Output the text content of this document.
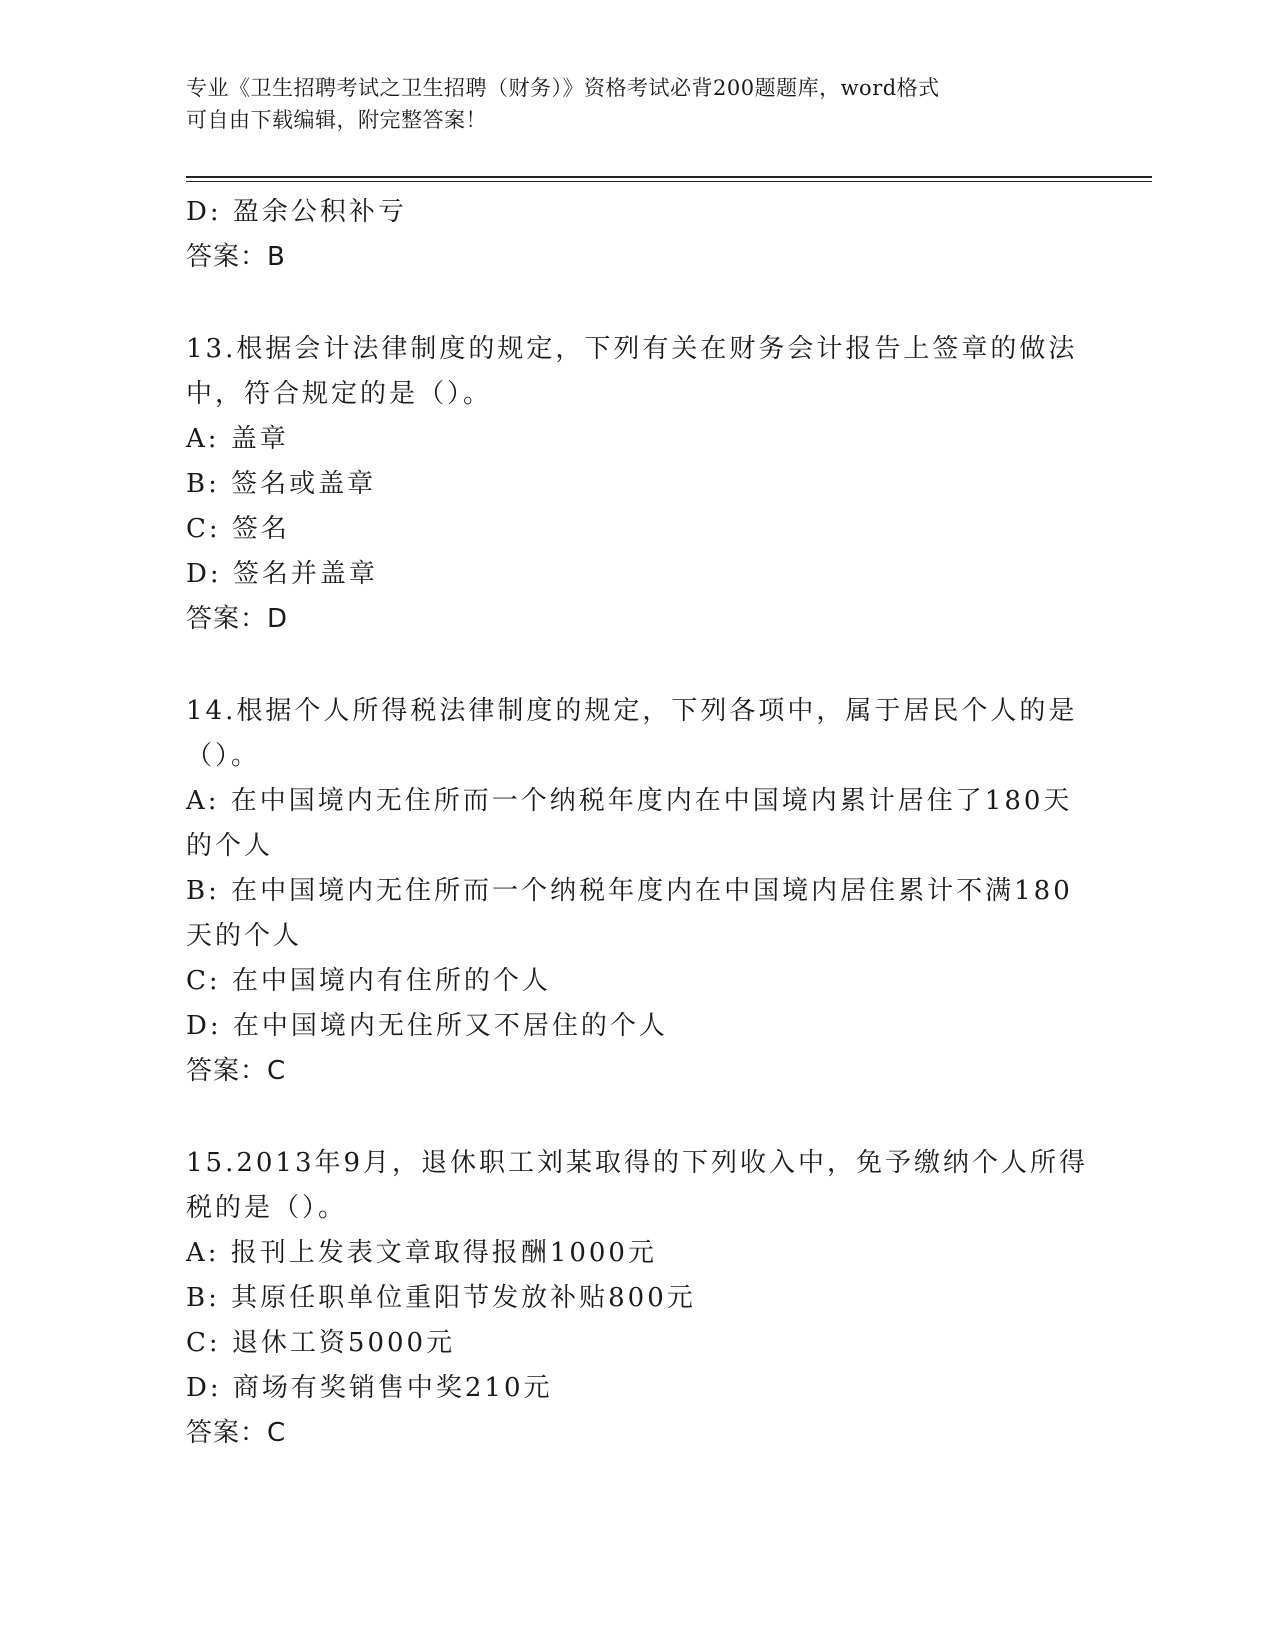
专业《卫生招聘考试之卫生招聘（财务）》资格考试必背200题题库，word格式
可自由下载编辑，附完整答案！
D: 盈余公积补亏
答案：B
13.根据会计法律制度的规定，下列有关在财务会计报告上签章的做法
中，符合规定的是（）。
A: 盖章
B: 签名或盖章
C: 签名
D: 签名并盖章
答案：D
14.根据个人所得税法律制度的规定，下列各项中，属于居民个人的是
（）。
A: 在中国境内无住所而一个纳税年度内在中国境内累计居住了180天
的个人
B: 在中国境内无住所而一个纳税年度内在中国境内居住累计不满180
天的个人
C: 在中国境内有住所的个人
D: 在中国境内无住所又不居住的个人
答案：C
15.2013年9月，退休职工刘某取得的下列收入中，免予缴纳个人所得
税的是（）。
A: 报刊上发表文章取得报酬1000元
B: 其原任职单位重阳节发放补贴800元
C: 退休工资5000元
D: 商场有奖销售中奖210元
答案：C
